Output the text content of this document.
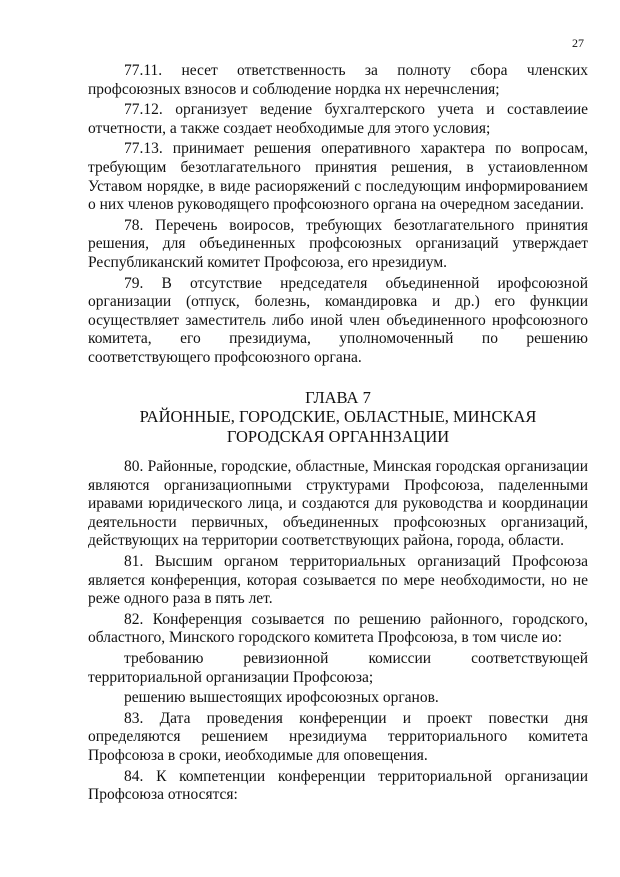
27

77.11. несет ответственность за полноту сбора членских профсоюзных взносов и соблюдение нордка нх неречнсления;

77.12. организует ведение бухгалтерского учета и составлеиие отчетности, а также создает необходимые для этого условия;

77.13. принимает решения оперативного характера по вопросам, требующим безотлагательного принятия решения, в устаиовленном Уставом норядке, в виде расиоряжений с последующим информированием о них членов руководящего профсоюзного органа на очередном заседании.

78. Перечень воиросов, требующих безотлагательного принятия решения, для объединенных профсоюзных организаций утверждает Республиканский комитет Профсоюза, его нрезидиум.

79. В отсутствие нредседателя объединенной ирофсоюзной организации (отпуск, болезнь, командировка и др.) его функции осуществляет заместитель либо иной член объединенного нрофсоюзного комитета, его президиума, уполномоченный по решению соответствующего профсоюзного органа.

ГЛАВА 7
РАЙОННЫЕ, ГОРОДСКИЕ, ОБЛАСТНЫЕ, МИНСКАЯ
ГОРОДСКАЯ ОРГАННЗАЦИИ

80. Районные, городские, областные, Минская городская организации являются организациопными структурами Профсоюза, паделенными иравами юридического лица, и создаются для руководства и координации деятельности первичных, объединенных профсоюзных организаций, действующих на территории соответствующих района, города, области.

81. Высшим органом территориальных организаций Профсоюза является конференция, которая созывается по мере необходимости, но не реже одного раза в пять лет.

82. Конференция созывается по решению районного, городского, областного, Минского городского комитета Профсоюза, в том числе ио:

требованию ревизионной комиссии соответствующей территориальной организации Профсоюза;

решению вышестоящих ирофсоюзных органов.

83. Дата проведения конференции и проект повестки дня определяются решением нрезидиума территориального комитета Профсоюза в сроки, иеобходимые для оповещения.

84. К компетенции конференции территориальной организации Профсоюза относятся:
